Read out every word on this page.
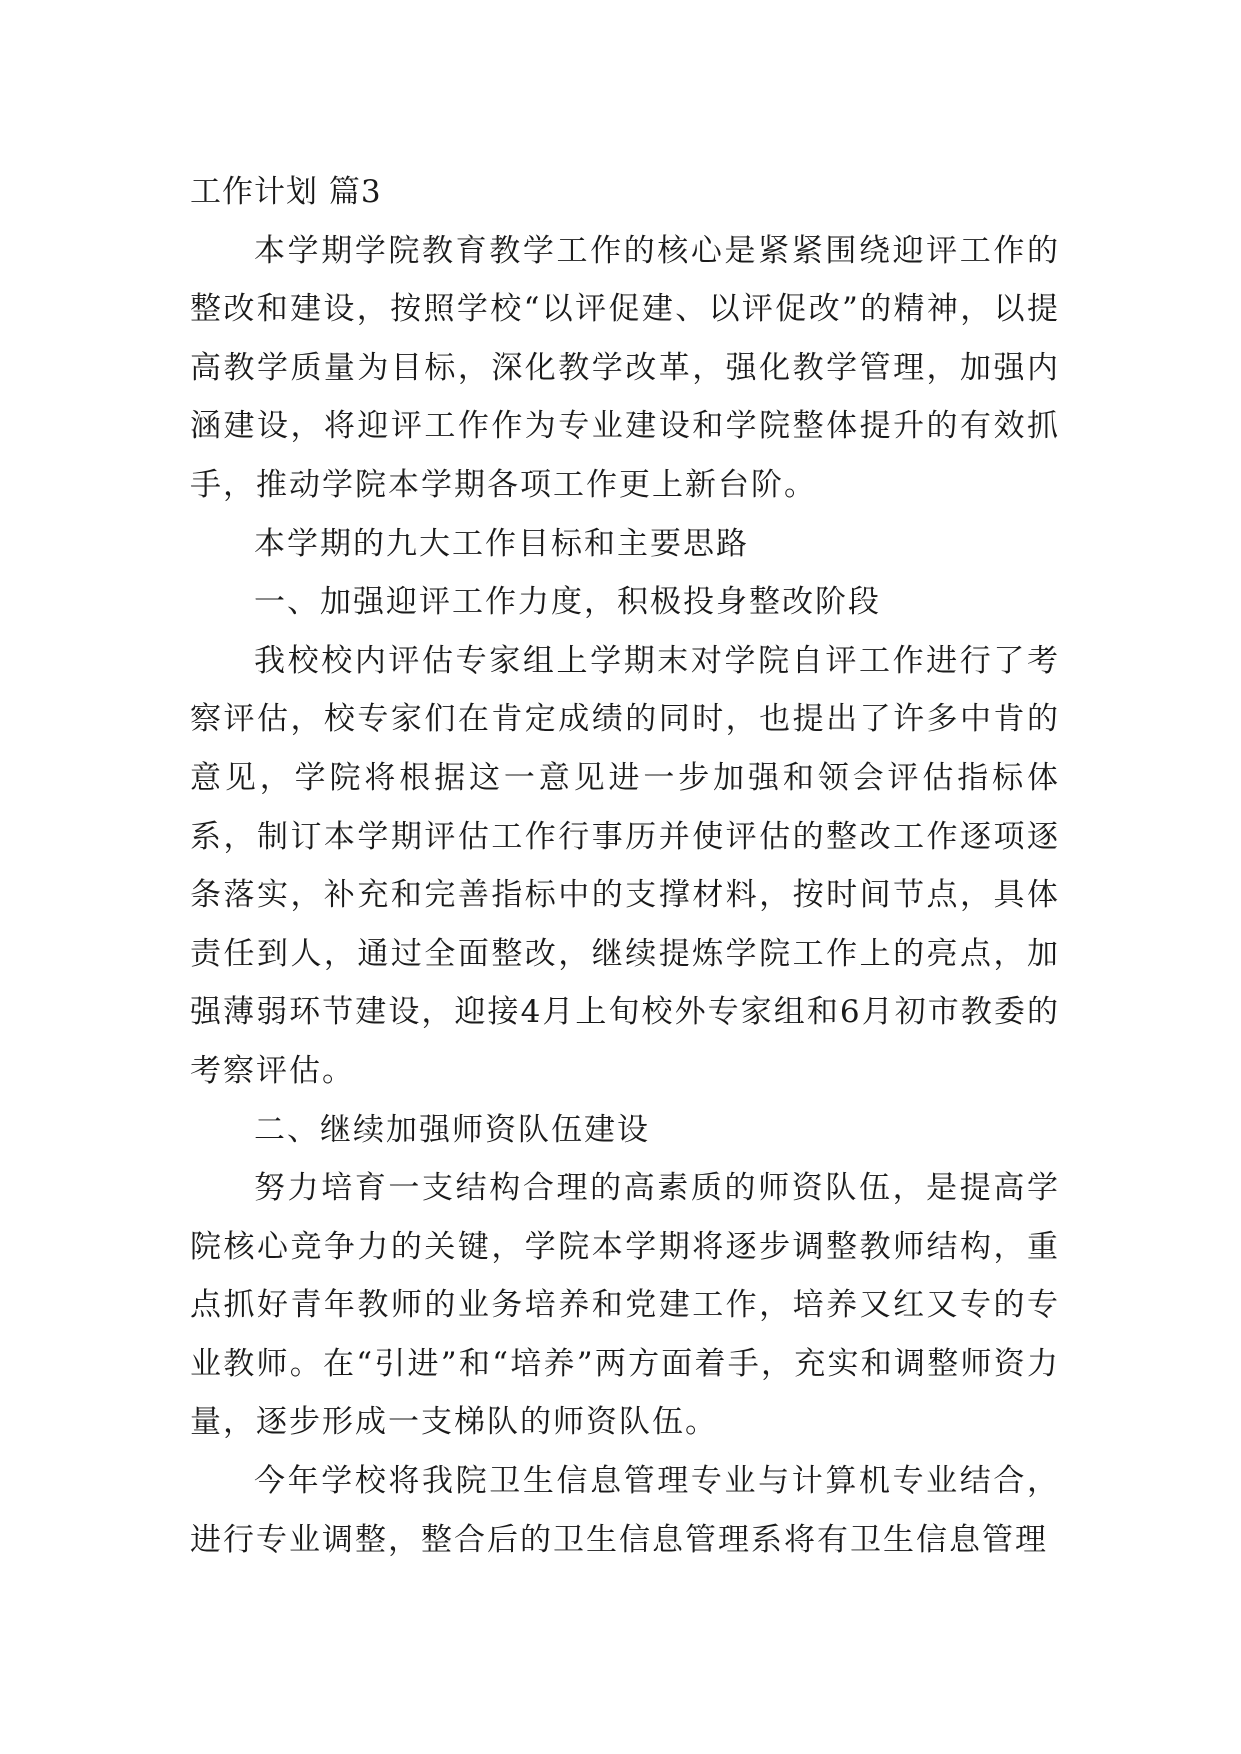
工作计划 篇3

本学期学院教育教学工作的核心是紧紧围绕迎评工作的整改和建设，按照学校“以评促建、以评促改”的精神，以提高教学质量为目标，深化教学改革，强化教学管理，加强内涵建设，将迎评工作作为专业建设和学院整体提升的有效抓手，推动学院本学期各项工作更上新台阶。

本学期的九大工作目标和主要思路

一、加强迎评工作力度，积极投身整改阶段

我校校内评估专家组上学期末对学院自评工作进行了考察评估，校专家们在肯定成绩的同时，也提出了许多中肯的意见，学院将根据这一意见进一步加强和领会评估指标体系，制订本学期评估工作行事历并使评估的整改工作逐项逐条落实，补充和完善指标中的支撑材料，按时间节点，具体责任到人，通过全面整改，继续提炼学院工作上的亮点，加强薄弱环节建设，迎接4月上旬校外专家组和6月初市教委的考察评估。

二、继续加强师资队伍建设

努力培育一支结构合理的高素质的师资队伍，是提高学院核心竞争力的关键，学院本学期将逐步调整教师结构，重点抓好青年教师的业务培养和党建工作，培养又红又专的专业教师。在“引进”和“培养”两方面着手，充实和调整师资力量，逐步形成一支梯队的师资队伍。

今年学校将我院卫生信息管理专业与计算机专业结合，进行专业调整，整合后的卫生信息管理系将有卫生信息管理
